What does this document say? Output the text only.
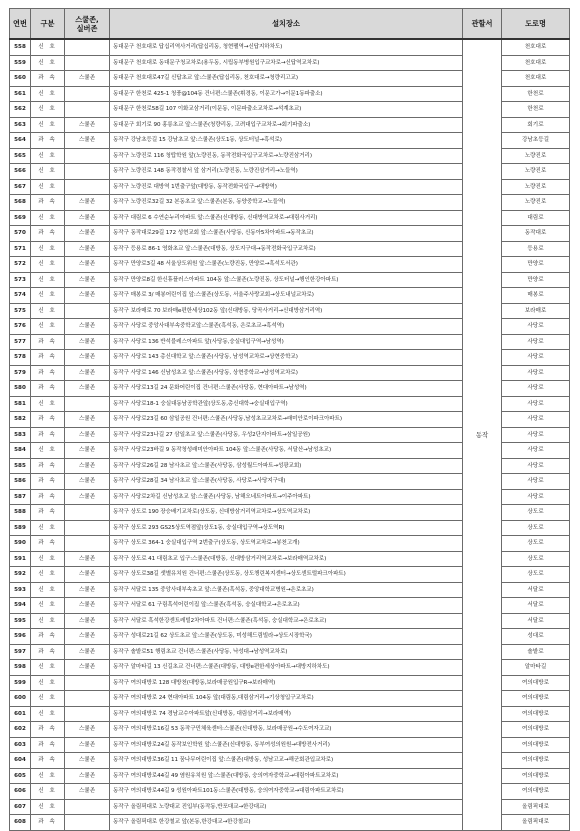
연번	구분	스쿨존, 실버존	설치장소	관할서	도로명
558	신 호		동대문구 천호대로 답십리역사거리(답십리동, 청현팰역→신답지하차도)	동작	천호대로
559	신 호		동대문구 천호대로 동대문구청교차로(용두동, 시립동부병원입구교차로→신답역교차로)		천호대로
560	과 속	스쿨존	동대문구 천호대로47길 신답초교 앞:스쿨존(답십리동, 천호대로→청량리고교)		천호대로
561	신 호		동대문구 한천로 425-1 청풍@104동 건너편:스쿨존(휘경동, 이문고가→이문1동파출소)		한천로
562	신 호		동대문구 한천로58길 107 이화교삼거리(이문동, 이문파출소교차로→석계초교)		한천로
563	신 호	스쿨존	동대문구 회기로 90 홍릉초교 앞:스쿨존(청량리동, 고려대입구교차로→회기파출소)		회기로
564	과 속	스쿨존	동작구 강남초등길 15 강남초교 앞:스쿨존(상도1동, 상도터널→흑석로)		강남초등길
565	신 호		동작구 노량진로 116 청탑학원 앞(노량진동, 동작전화국입구교차로→노량진삼거리)		노량진로
566	신 호		동작구 노량진로 148 동작경찰서 앞 삼거리(노량진동, 노량진삼거리→노들역)		노량진로
567	신 호		동작구 노량진로 대방역 1번출구앞(대방동, 동작전화국입구→대방역)		노량진로
568	과 속	스쿨존	동작구 노량진로32길 32 본동초교 앞:스쿨존(본동, 동양중학교→노들역)		노량진로
569	신 호	스쿨존	동작구 대림로 6 수연순누리아파트 앞:스쿨존(신대방동, 신대방역교차로→대림사거리)		대림로
570	과 속	스쿨존	동작구 동작대로29길 172 성현교회 앞:스쿨존(사당동, 신동아5차아파트→동작초교)		동작대로
571	신 호	스쿨존	동작구 등용로 86-1 영화초교 앞:스쿨존(대방동, 상도지구대→동작전화국입구교차로)		등용로
572	신 호	스쿨존	동작구 만양로3길 48 서울상도위원 앞:스쿨존(노량진동, 만양로→흑석도서관)		만양로
573	신 호	스쿨존	동작구 만양로8길 한신휴플러스아파트 104동 앞:스쿨존(노량진동, 상도터널→행인한강아파트)		만양로
574	신 호	스쿨존	동작구 매봉로 3/ 매봉어린이집 앞:스쿨존(상도동, 서울주사랑교회→상도내널교차로)		매봉로
575	신 호		동작구 보라매로 70 보라매e편한세상102동 앞(신대방동, 당곡사거리→신대방삼거리역)		보라매로
576	신 호	스쿨존	동작구 사당로 중앙사대부속중학교앞:스쿨존(흑석동, 은로초교→흑석역)		사당로
577	과 속	스쿨존	동작구 사당로 136 반석블레스아파트 앞(사당동,숭실대입구역→남성역)		사당로
578	과 속	스쿨존	동작구 사당로 143 총신대학교 앞:스쿨존(사당동, 남성역교차로→상현중학교)		사당로
579	과 속	스쿨존	동작구 사당로 146 신남성초교 앞:스쿨존(사당동, 상현중학교→남성역교차로)		사당로
580	과 속	스쿨존	동작구 사당로13길 24 문화어린이집 건너편:스쿨존(사당동, 현대아파트→남성역)		사당로
581	신 호		동작구 사당로18-1 숭실대동남공학관앞(상도동,총신대학→숭실대입구역)		사당로
582	과 속	스쿨존	동작구 사당로23길 60 삼일공원 건너편:스쿨존(사당동,남성초교교차로→래미안로이파크아파트)		사당로
583	과 속	스쿨존	동작구 사당로23나길 27 삼일초교 앞:스쿨존(사당동, 우성2단지아파트→삼일공원)		사당로
584	신 호	스쿨존	동작구 사당로23바길 9 동작청성래미안아파트 104동 앞:스쿨존(사당동, 서달산→남성초교)		사당로
585	과 속	스쿨존	동작구 사당로26길 28 남사초교 앞:스쿨존(사당동, 삼성월드아파트→성광교회)		사당로
586	과 속	스쿨존	동작구 사당로28길 34 남사초교 앞:스쿨존(사당동, 사당로→사당지구대)		사당로
587	과 속	스쿨존	동작구 사당로2차길 신남성초교 앞:스쿨존(사당동, 남해오네트아파트→이주아파트)		사당로
588	과 속		동작구 상도로 190 장승배기교차로(상도동, 신대방삼거리역교차로→상도역교차로)		상도로
589	신 호		동작구 상도로 293 GS25상도역점앞(상도1동, 숭실대입구역→상도역R)		상도로
590	과 속		동작구 상도로 364-1 숭실대입구역 2번출구(상도동, 상도역교차로→봉천고개)		상도로
591	신 호	스쿨존	동작구 상도로 41 대림초교 입구:스쿨존(대방동, 신대방삼거리역교차로→보라매역교차로)		상도로
592	신 호	스쿨존	동작구 상도로38길 샛별유치원 건너편:스쿨존(상도동, 상도챙린복지센터→상도센트럴파크아파트)		상도로
593	신 호	스쿨존	동작구 서달로 135 중앙사대부속초교 앞:스쿨존(흑석동, 중앙대학교병원→은로초교)		서달로
594	신 호	스쿨존	동작구 서달로 61 구림흑석어린이집 앞:스쿨존(흑석동, 숭실대학교→은로초교)		서달로
595	신 호	스쿨존	동작구 서달로 흑석한강센트레빌2차아파트 건너편:스쿨존(흑석동, 숭실대학교→은로초교)		서달로
596	과 속	스쿨존	동작구 성대로21길 62 상도초교 앞:스쿨존(상도동, 미성해드림빌라→상도시장학국)		성대로
597	과 속	스쿨존	동작구 솔밭로51 행림초교 건너편:스쿨존(사당동, 낙성대→남성역교차로)		솔밭로
598	신 호	스쿨존	동작구 알마타길 13 신길초교 건너편:스쿨존(대방동, 대방e편한세상아파트→대방지하차도)		알마타길
599	신 호		동작구 여의대방로 128 대방천(대방동,보라매공원입구R→보라매역)		여의대방로
600	신 호		동작구 여의대방로 24 현대아파트 104동 앞(대림동,대림삼거리→기상청입구교차로)		여의대방로
601	신 호		동작구 여의대방로 74 경남교수아파트앞(신대방동, 대림삼거리→보라매역)		여의대방로
602	과 속	스쿨존	동작구 여의대방로16길 53 동작구민체육센터:스쿨존(신대방동, 보라매공원→수도여자고교)		여의대방로
603	과 속	스쿨존	동작구 여의대방로24길 동작보인학원 앞:스쿨존(신대방동, 동부여성의원원→대방전사거리)		여의대방로
604	과 속	스쿨존	동작구 여의대방로36길 11 꿈나무어린이집 앞:스쿨존(대방동, 성남고교→해군회관입교차로)		여의대방로
605	신 호	스쿨존	동작구 여의대방로44길 49 염원유치원 앞:스쿨존(대방동, 숭의여자중학교→대림아파트교차로)		여의대방로
606	신 호	스쿨존	동작구 여의대방로44길 9 성원아파트101동:스쿨존(대방동, 숭의여자중학교→대림아파트교차로)		여의대방로
607	신 호		동작구 올림픽대로 노량대교 진입부(동작동,반포대교→한강대교)		올림픽대로
608	과 속		동작구 올림픽대로 한강철교 앞(본동,한강대교→한강철교)		올림픽대로
